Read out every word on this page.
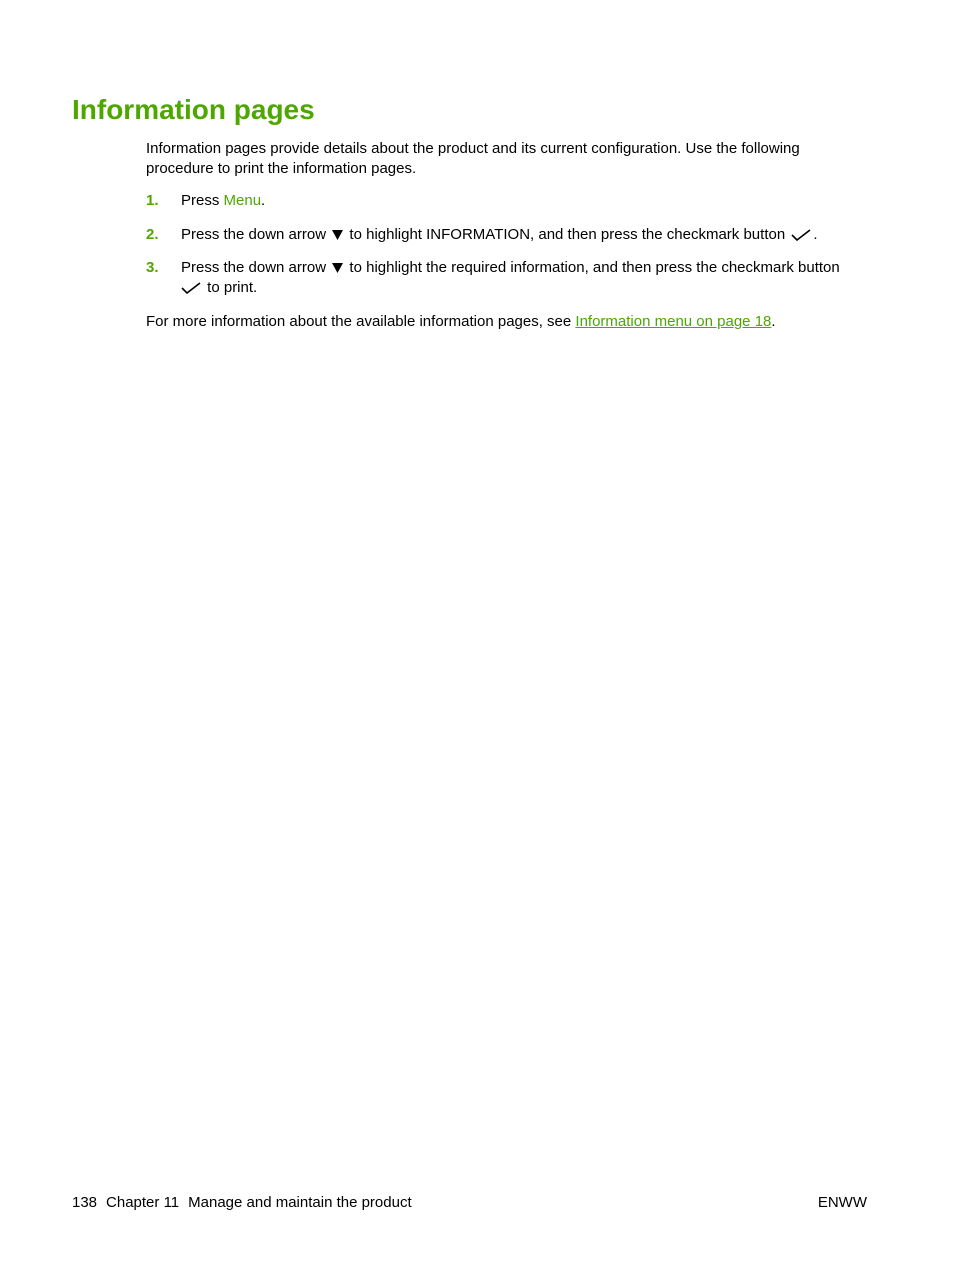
Information pages

Information pages provide details about the product and its current configuration. Use the following procedure to print the information pages.

1. Press Menu.
2. Press the down arrow to highlight INFORMATION, and then press the checkmark button .
3. Press the down arrow to highlight the required information, and then press the checkmark button
to print.
For more information about the available information pages, see Information menu on page 18.
138 Chapter 11 Manage and maintain the product	ENWW
